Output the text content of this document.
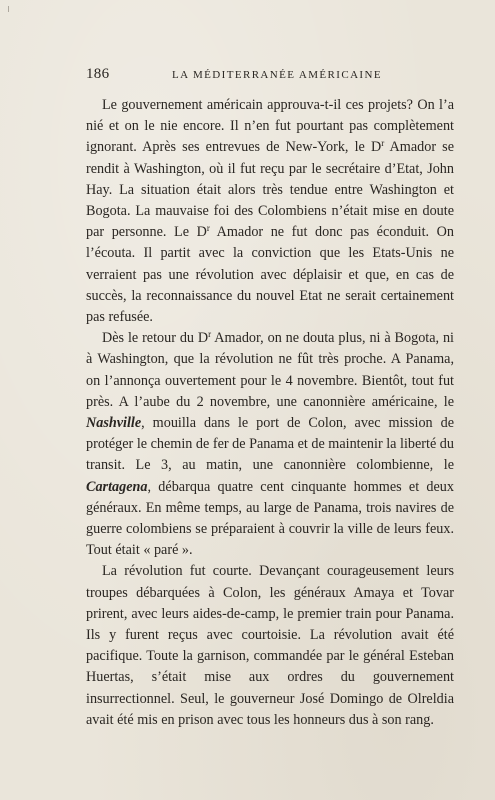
186	LA MÉDITERRANÉE AMÉRICAINE

Le gouvernement américain approuva-t-il ces projets? On l’a nié et on le nie encore. Il n’en fut pourtant pas complètement ignorant. Après ses entrevues de New-York, le $D^r$ Amador se rendit à Washington, où il fut reçu par le secrétaire d’Etat, John Hay. La situation était alors très tendue entre Washington et Bogota. La mauvaise foi des Colombiens n’était mise en doute par personne. Le $D^r$ Amador ne fut donc pas éconduit. On l’écouta. Il partit avec la conviction que les Etats-Unis ne verraient pas une révolution avec déplaisir et que, en cas de succès, la reconnaissance du nouvel Etat ne serait certainement pas refusée.

Dès le retour du $D^r$ Amador, on ne douta plus, ni à Bogota, ni à Washington, que la révolution ne fût très proche. A Panama, on l’annonça ouvertement pour le 4 novembre. Bientôt, tout fut près. A l’aube du 2 novembre, une canonnière américaine, le Nashville, mouilla dans le port de Colon, avec mission de protéger le chemin de fer de Panama et de maintenir la liberté du transit. Le 3, au matin, une canonnière colombienne, le Cartagena, débarqua quatre cent cinquante hommes et deux généraux. En même temps, au large de Panama, trois navires de guerre colombiens se préparaient à couvrir la ville de leurs feux. Tout était « paré ».

La révolution fut courte. Devançant courageusement leurs troupes débarquées à Colon, les généraux Amaya et Tovar prirent, avec leurs aides-de-camp, le premier train pour Panama. Ils y furent reçus avec courtoisie. La révolution avait été pacifique. Toute la garnison, commandée par le général Esteban Huertas, s’était mise aux ordres du gouvernement insurrectionnel. Seul, le gouverneur José Domingo de Olreldia avait été mis en prison avec tous les honneurs dus à son rang.
